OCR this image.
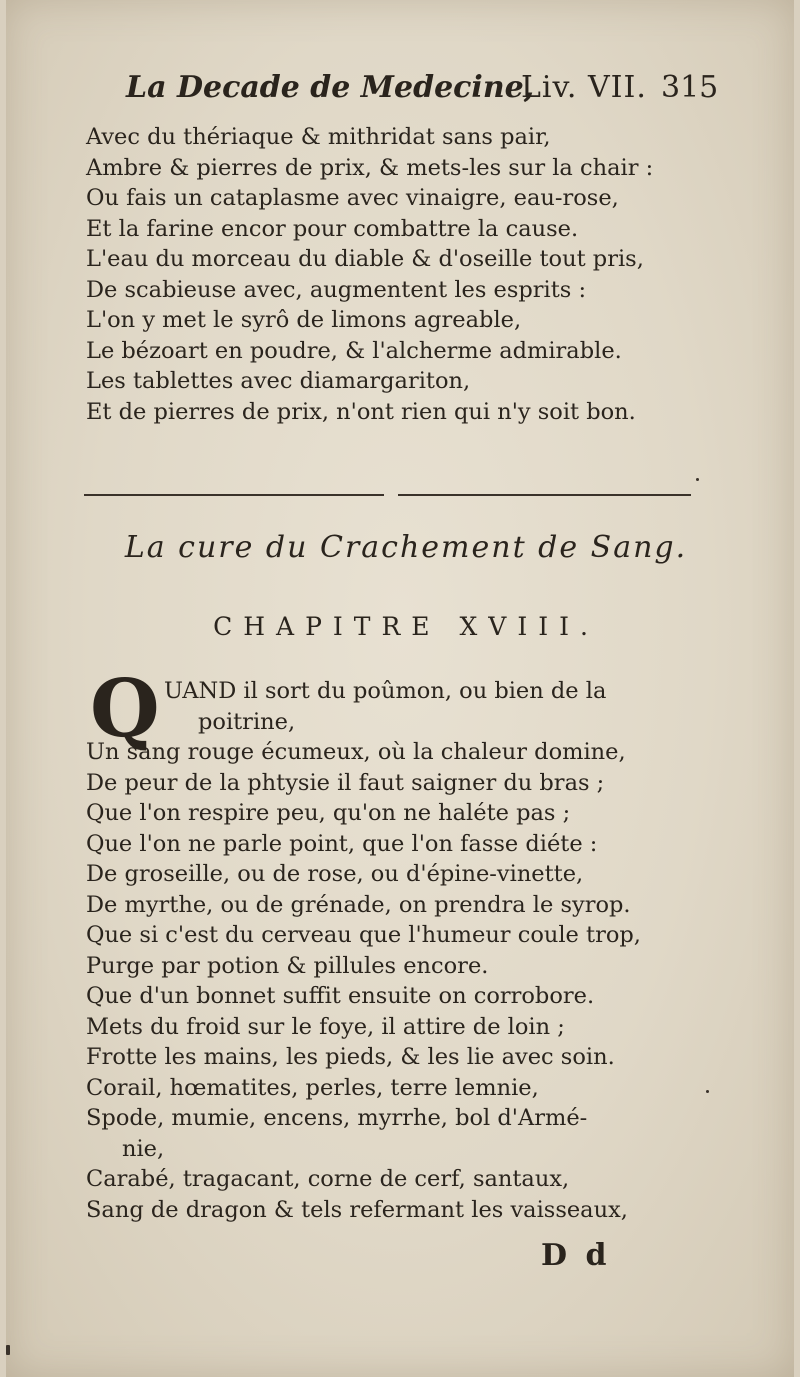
La Decade de Medecine,
Liv. VII. 315
Avec du thériaque & mithridat sans pair,
Ambre & pierres de prix, & mets-les sur la chair :
Ou fais un cataplasme avec vinaigre, eau-rose,
Et la farine encor pour combattre la cause.
L'eau du morceau du diable & d'oseille tout pris,
De scabieuse avec, augmentent les esprits :
L'on y met le syrô de limons agreable,
Le bézoart en poudre, & l'alcherme admirable.
Les tablettes avec diamargariton,
Et de pierres de prix, n'ont rien qui n'y soit bon.
La cure du Crachement de Sang.
CHAPITRE XVIII.
Q UAND il sort du poûmon, ou bien de la
poitrine,
Un sang rouge écumeux, où la chaleur domine,
De peur de la phtysie il faut saigner du bras ;
Que l'on respire peu, qu'on ne haléte pas ;
Que l'on ne parle point, que l'on fasse diéte :
De groseille, ou de rose, ou d'épine-vinette,
De myrthe, ou de grénade, on prendra le syrop.
Que si c'est du cerveau que l'humeur coule trop,
Purge par potion & pillules encore.
Que d'un bonnet suffit ensuite on corrobore.
Mets du froid sur le foye, il attire de loin ;
Frotte les mains, les pieds, & les lie avec soin.
Corail, hœmatites, perles, terre lemnie,
Spode, mumie, encens, myrrhe, bol d'Armé-
nie,
Carabé, tragacant, corne de cerf, santaux,
Sang de dragon & tels refermant les vaisseaux,
D d
